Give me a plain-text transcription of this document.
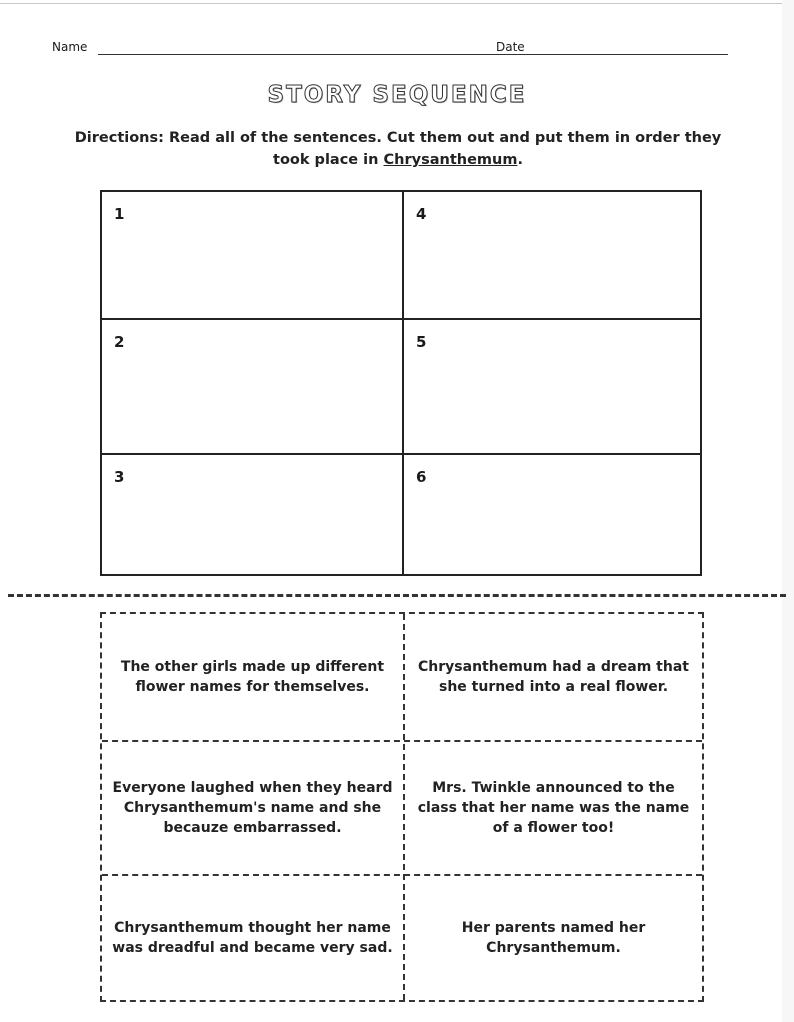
Name	Date
STORY SEQUENCE
Directions: Read all of the sentences. Cut them out and put them in order they took place in Chrysanthemum.
1
2
3
4
5
6
The other girls made up different flower names for themselves.
Chrysanthemum had a dream that she turned into a real flower.
Everyone laughed when they heard Chrysanthemum's name and she becauze embarrassed.
Mrs. Twinkle announced to the class that her name was the name of a flower too!
Chrysanthemum thought her name was dreadful and became very sad.
Her parents named her Chrysanthemum.
